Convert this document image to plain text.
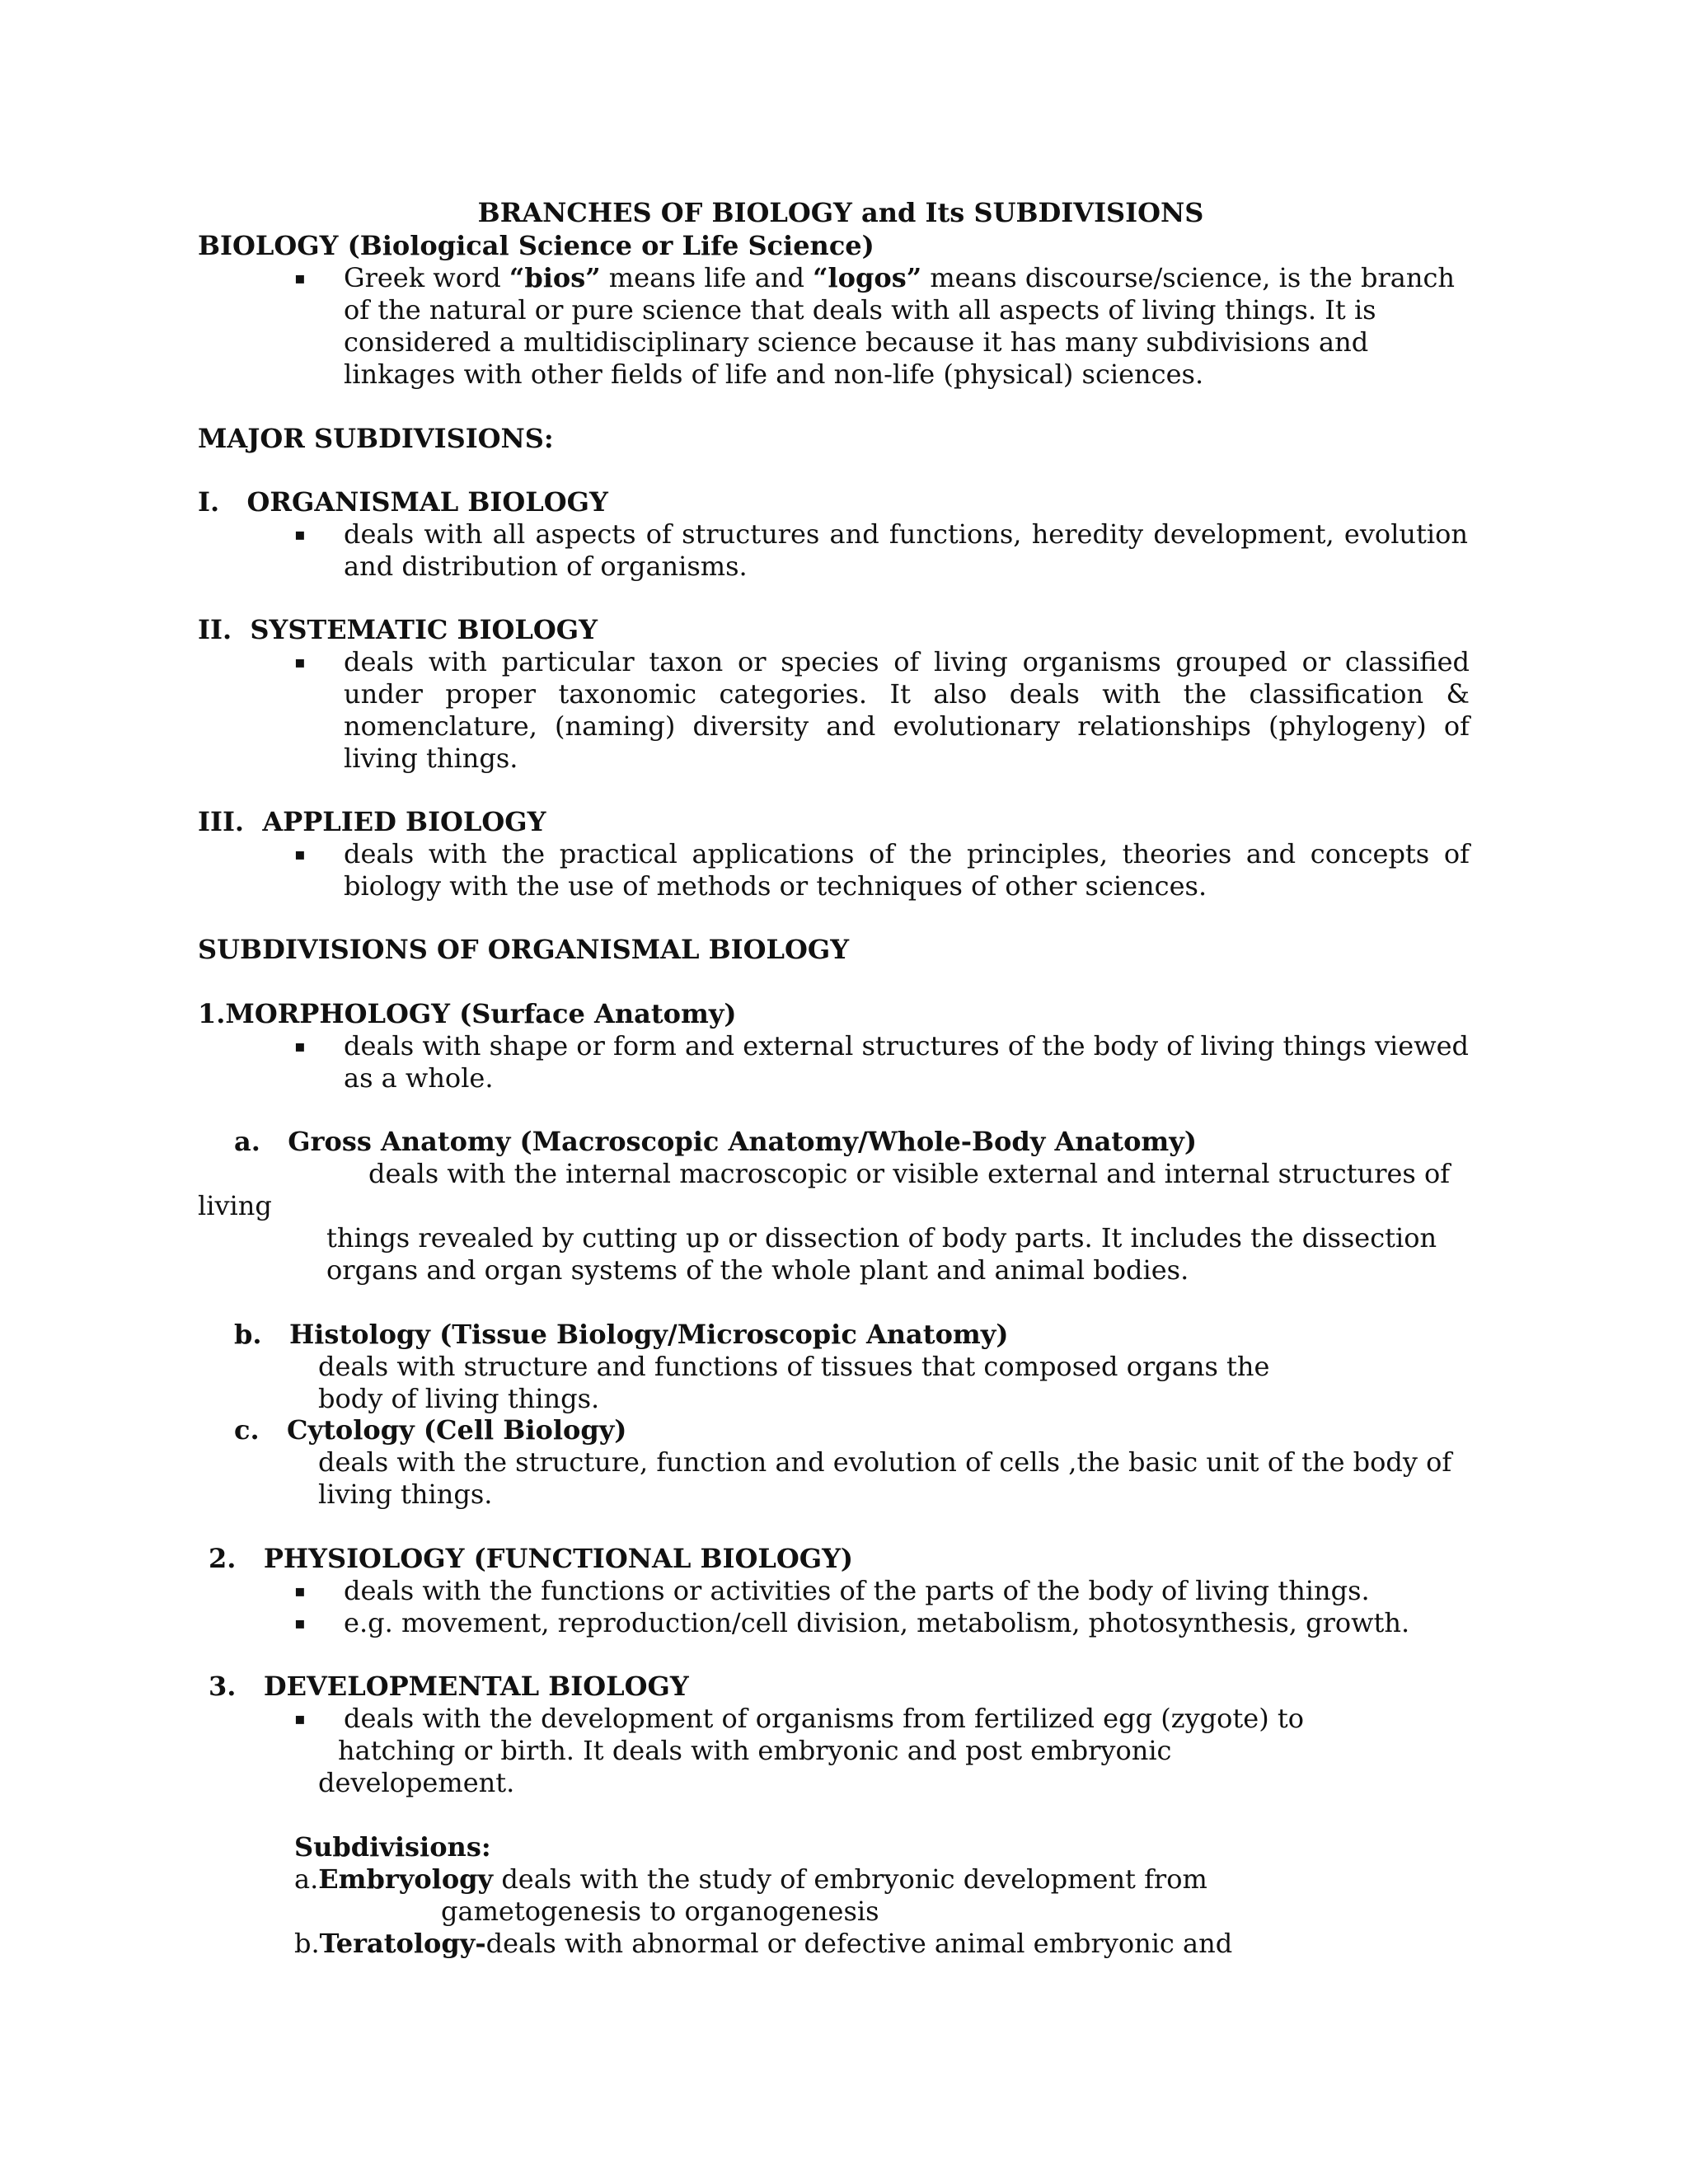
BRANCHES OF BIOLOGY and Its SUBDIVISIONS
BIOLOGY (Biological Science or Life Science)
▪ Greek word “bios” means life and “logos” means discourse/science, is the branch
of the natural or pure science that deals with all aspects of living things. It is
considered a multidisciplinary science because it has many subdivisions and
linkages with other fields of life and non-life (physical) sciences.
MAJOR SUBDIVISIONS:
I.   ORGANISMAL BIOLOGY
▪ deals with all aspects of structures and functions, heredity development, evolution and distribution of organisms.
II.  SYSTEMATIC BIOLOGY
▪ deals with particular taxon or species of living organisms grouped or classified under proper taxonomic categories. It also deals with the classification & nomenclature, (naming) diversity and evolutionary relationships (phylogeny) of living things.
III.  APPLIED BIOLOGY
▪ deals with the practical applications of the principles, theories and concepts of biology with the use of methods or techniques of other sciences.
SUBDIVISIONS OF ORGANISMAL BIOLOGY
1.MORPHOLOGY (Surface Anatomy)
▪ deals with shape or form and external structures of the body of living things viewed
as a whole.
a.   Gross Anatomy (Macroscopic Anatomy/Whole-Body Anatomy)
deals with the internal macroscopic or visible external and internal structures of
living
things revealed by cutting up or dissection of body parts. It includes the dissection
organs and organ systems of the whole plant and animal bodies.
b.   Histology (Tissue Biology/Microscopic Anatomy)
deals with structure and functions of tissues that composed organs the
body of living things.
c.   Cytology (Cell Biology)
deals with the structure, function and evolution of cells ,the basic unit of the body of
living things.
2.   PHYSIOLOGY (FUNCTIONAL BIOLOGY)
▪ deals with the functions or activities of the parts of the body of living things.
▪ e.g. movement, reproduction/cell division, metabolism, photosynthesis, growth.
3.   DEVELOPMENTAL BIOLOGY
▪ deals with the development of organisms from fertilized egg (zygote) to
hatching or birth. It deals with embryonic and post embryonic
developement.
Subdivisions:
a.Embryology deals with the study of embryonic development from
gametogenesis to organogenesis
b.Teratology-deals with abnormal or defective animal embryonic and
